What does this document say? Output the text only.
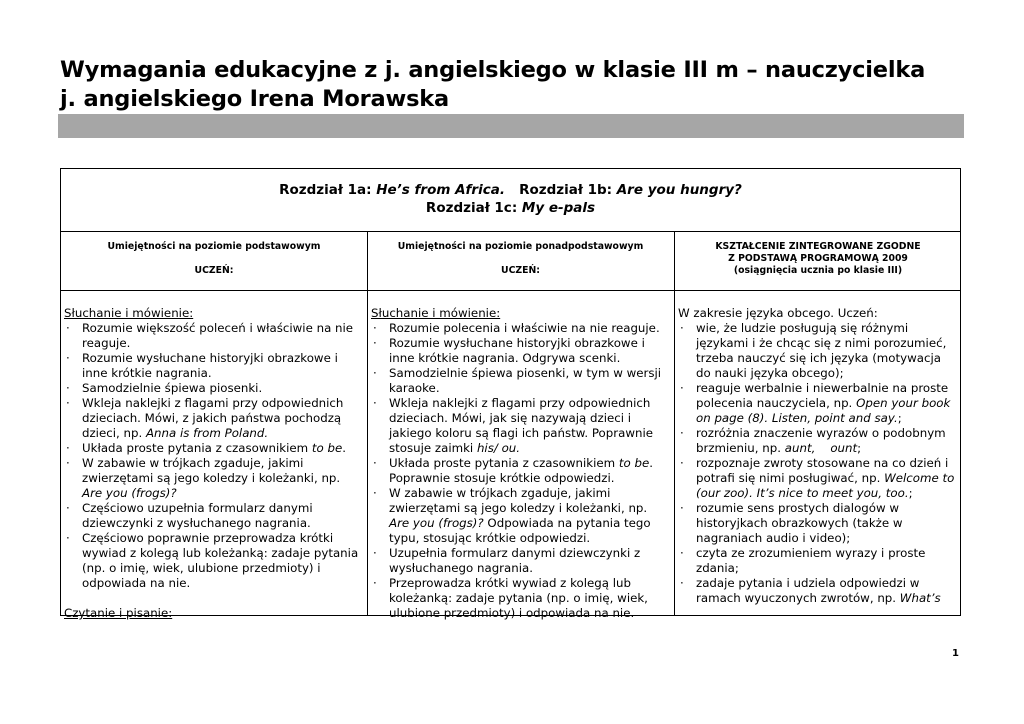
Wymagania edukacyjne z j. angielskiego w klasie III m – nauczycielka
j. angielskiego Irena Morawska
Rozdział 1a: He’s from Africa.   Rozdział 1b: Are you hungry?
Rozdział 1c: My e-pals
Umiejętności na poziomie podstawowym
UCZEŃ:
Umiejętności na poziomie ponadpodstawowym
UCZEŃ:
KSZTAŁCENIE ZINTEGROWANE ZGODNE
Z PODSTAWĄ PROGRAMOWĄ 2009
(osiągnięcia ucznia po klasie III)
Słuchanie i mówienie:
· Rozumie większość poleceń i właściwie na nie reaguje.
· Rozumie wysłuchane historyjki obrazkowe i inne krótkie nagrania.
· Samodzielnie śpiewa piosenki.
· Wkleja naklejki z flagami przy odpowiednich dzieciach. Mówi, z jakich państwa pochodzą dzieci, np. Anna is from Poland.
· Układa proste pytania z czasownikiem to be.
· W zabawie w trójkach zgaduje, jakimi zwierzętami są jego koledzy i koleżanki, np. Are you (frogs)?
· Częściowo uzupełnia formularz danymi dziewczynki z wysłuchanego nagrania.
· Częściowo poprawnie przeprowadza krótki wywiad z kolegą lub koleżanką: zadaje pytania (np. o imię, wiek, ulubione przedmioty) i odpowiada na nie.
Czytanie i pisanie:
Słuchanie i mówienie:
· Rozumie polecenia i właściwie na nie reaguje.
· Rozumie wysłuchane historyjki obrazkowe i inne krótkie nagrania. Odgrywa scenki.
· Samodzielnie śpiewa piosenki, w tym w wersji karaoke.
· Wkleja naklejki z flagami przy odpowiednich dzieciach. Mówi, jak się nazywają dzieci i jakiego koloru są flagi ich państw. Poprawnie stosuje zaimki his/ ou.
· Układa proste pytania z czasownikiem to be. Poprawnie stosuje krótkie odpowiedzi.
· W zabawie w trójkach zgaduje, jakimi zwierzętami są jego koledzy i koleżanki, np. Are you (frogs)? Odpowiada na pytania tego typu, stosując krótkie odpowiedzi.
· Uzupełnia formularz danymi dziewczynki z wysłuchanego nagrania.
· Przeprowadza krótki wywiad z kolegą lub koleżanką: zadaje pytania (np. o imię, wiek, ulubione przedmioty) i odpowiada na nie.
W zakresie języka obcego. Uczeń:
· wie, że ludzie posługują się różnymi językami i że chcąc się z nimi porozumieć, trzeba nauczyć się ich języka (motywacja do nauki języka obcego);
· reaguje werbalnie i niewerbalnie na proste polecenia nauczyciela, np. Open your book on page (8). Listen, point and say.;
· rozróżnia znaczenie wyrazów o podobnym brzmieniu, np. aunt,    ount;
· rozpoznaje zwroty stosowane na co dzień i potrafi się nimi posługiwać, np. Welcome to (our zoo). It’s nice to meet you, too.;
· rozumie sens prostych dialogów w historyjkach obrazkowych (także w nagraniach audio i video);
· czyta ze zrozumieniem wyrazy i proste zdania;
· zadaje pytania i udziela odpowiedzi w ramach wyuczonych zwrotów, np. What’s
1
